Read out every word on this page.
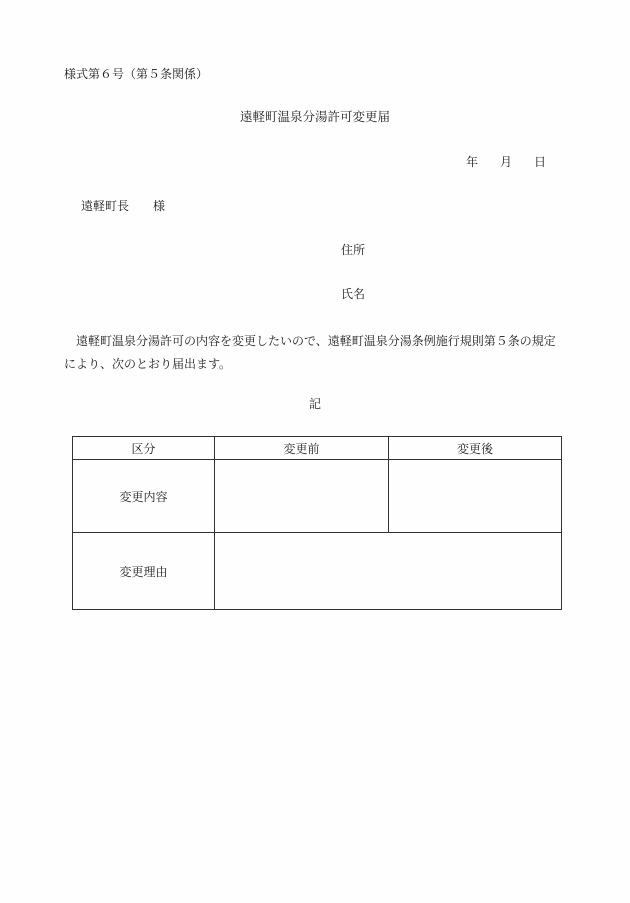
様式第６号（第５条関係）

遠軽町温泉分湯許可変更届

年 月 日

遠軽町長 様

住所

氏名

遠軽町温泉分湯許可の内容を変更したいので、遠軽町温泉分湯条例施行規則第５条の規定により、次のとおり届出ます。

記

区分	変更前	変更後
変更内容		
変更理由		
